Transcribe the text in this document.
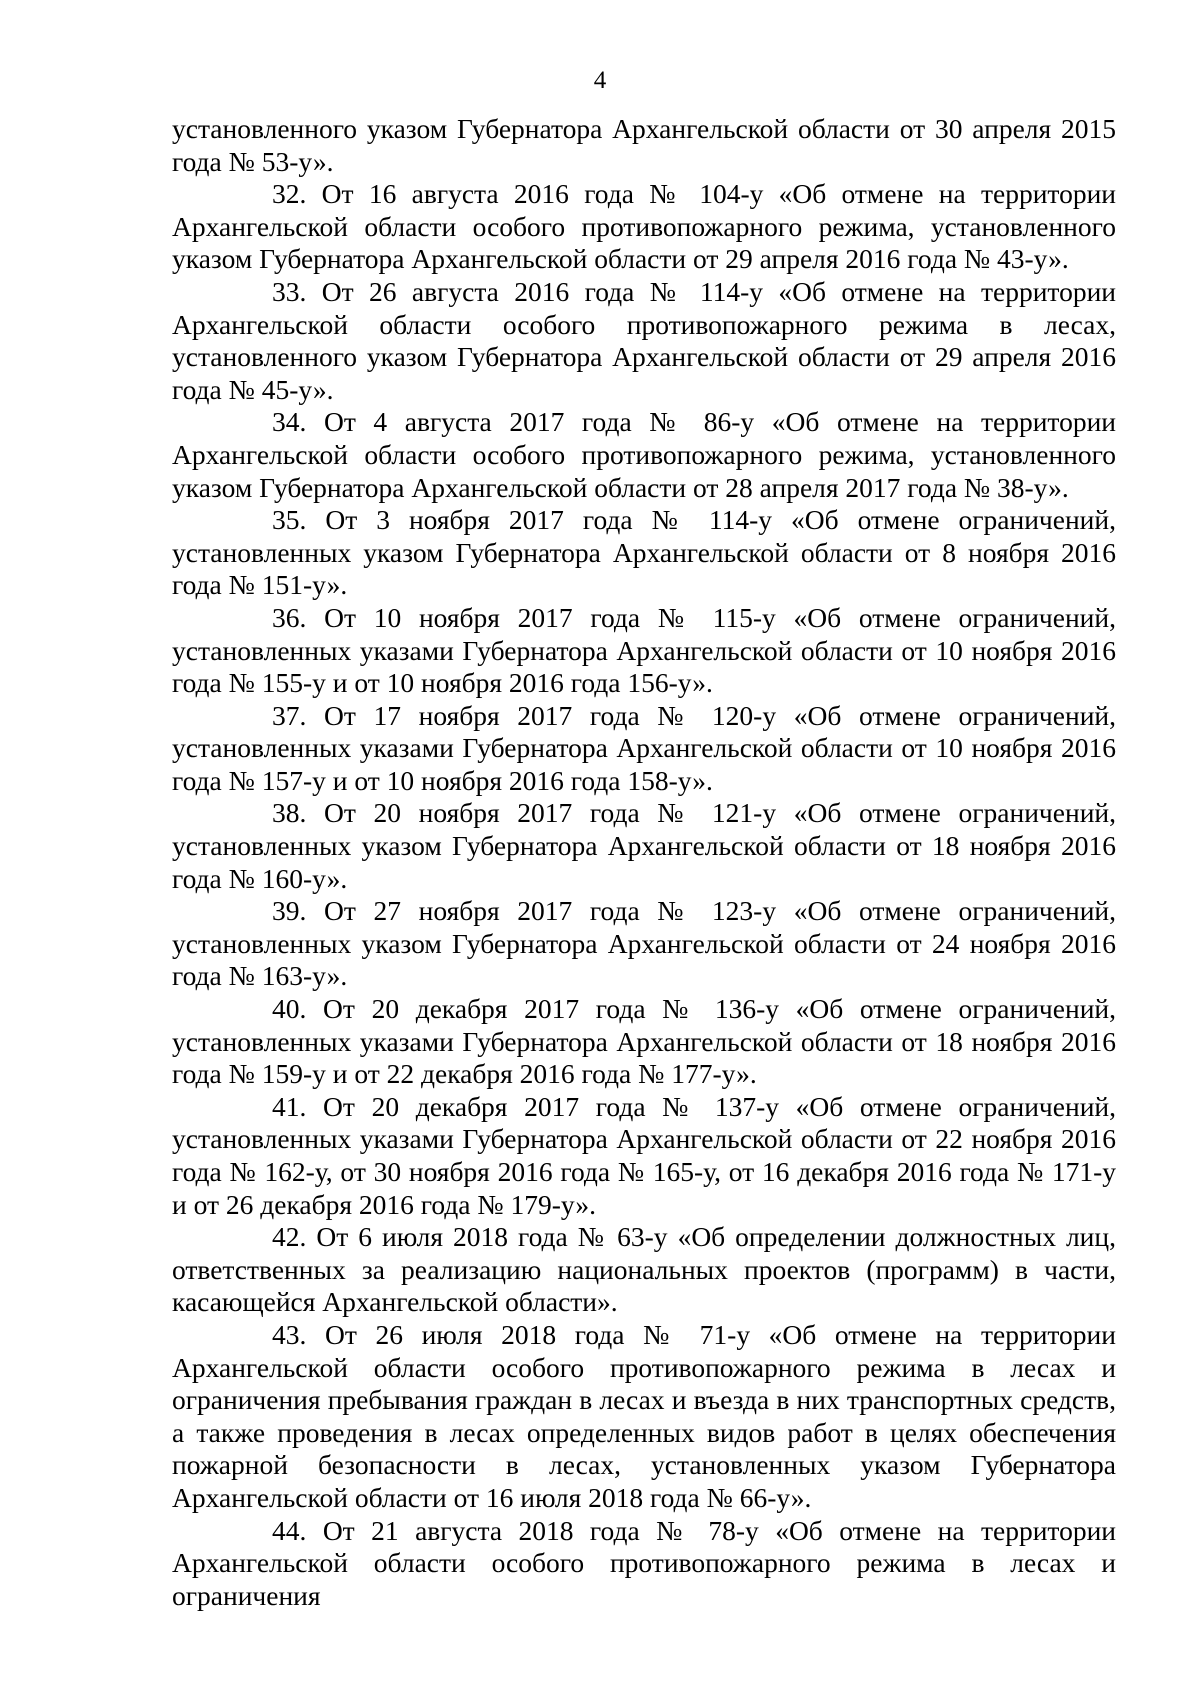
4

установленного указом Губернатора Архангельской области от 30 апреля 2015 года № 53-у».

32. От 16 августа 2016 года № 104-у «Об отмене на территории Архангельской области особого противопожарного режима, установленного указом Губернатора Архангельской области от 29 апреля 2016 года № 43-у».

33. От 26 августа 2016 года № 114-у «Об отмене на территории Архангельской области особого противопожарного режима в лесах, установленного указом Губернатора Архангельской области от 29 апреля 2016 года № 45-у».

34. От 4 августа 2017 года № 86-у «Об отмене на территории Архангельской области особого противопожарного режима, установленного указом Губернатора Архангельской области от 28 апреля 2017 года № 38-у».

35. От 3 ноября 2017 года № 114-у «Об отмене ограничений, установленных указом Губернатора Архангельской области от 8 ноября 2016 года № 151-у».

36. От 10 ноября 2017 года № 115-у «Об отмене ограничений, установленных указами Губернатора Архангельской области от 10 ноября 2016 года № 155-у и от 10 ноября 2016 года 156-у».

37. От 17 ноября 2017 года № 120-у «Об отмене ограничений, установленных указами Губернатора Архангельской области от 10 ноября 2016 года № 157-у и от 10 ноября 2016 года 158-у».

38. От 20 ноября 2017 года № 121-у «Об отмене ограничений, установленных указом Губернатора Архангельской области от 18 ноября 2016 года № 160-у».

39. От 27 ноября 2017 года № 123-у «Об отмене ограничений, установленных указом Губернатора Архангельской области от 24 ноября 2016 года № 163-у».

40. От 20 декабря 2017 года № 136-у «Об отмене ограничений, установленных указами Губернатора Архангельской области от 18 ноября 2016 года № 159-у и от 22 декабря 2016 года № 177-у».

41. От 20 декабря 2017 года № 137-у «Об отмене ограничений, установленных указами Губернатора Архангельской области от 22 ноября 2016 года № 162-у, от 30 ноября 2016 года № 165-у, от 16 декабря 2016 года № 171-у и от 26 декабря 2016 года № 179-у».

42. От 6 июля 2018 года № 63-у «Об определении должностных лиц, ответственных за реализацию национальных проектов (программ) в части, касающейся Архангельской области».

43. От 26 июля 2018 года № 71-у «Об отмене на территории Архангельской области особого противопожарного режима в лесах и ограничения пребывания граждан в лесах и въезда в них транспортных средств, а также проведения в лесах определенных видов работ в целях обеспечения пожарной безопасности в лесах, установленных указом Губернатора Архангельской области от 16 июля 2018 года № 66-у».

44. От 21 августа 2018 года № 78-у «Об отмене на территории Архангельской области особого противопожарного режима в лесах и ограничения
